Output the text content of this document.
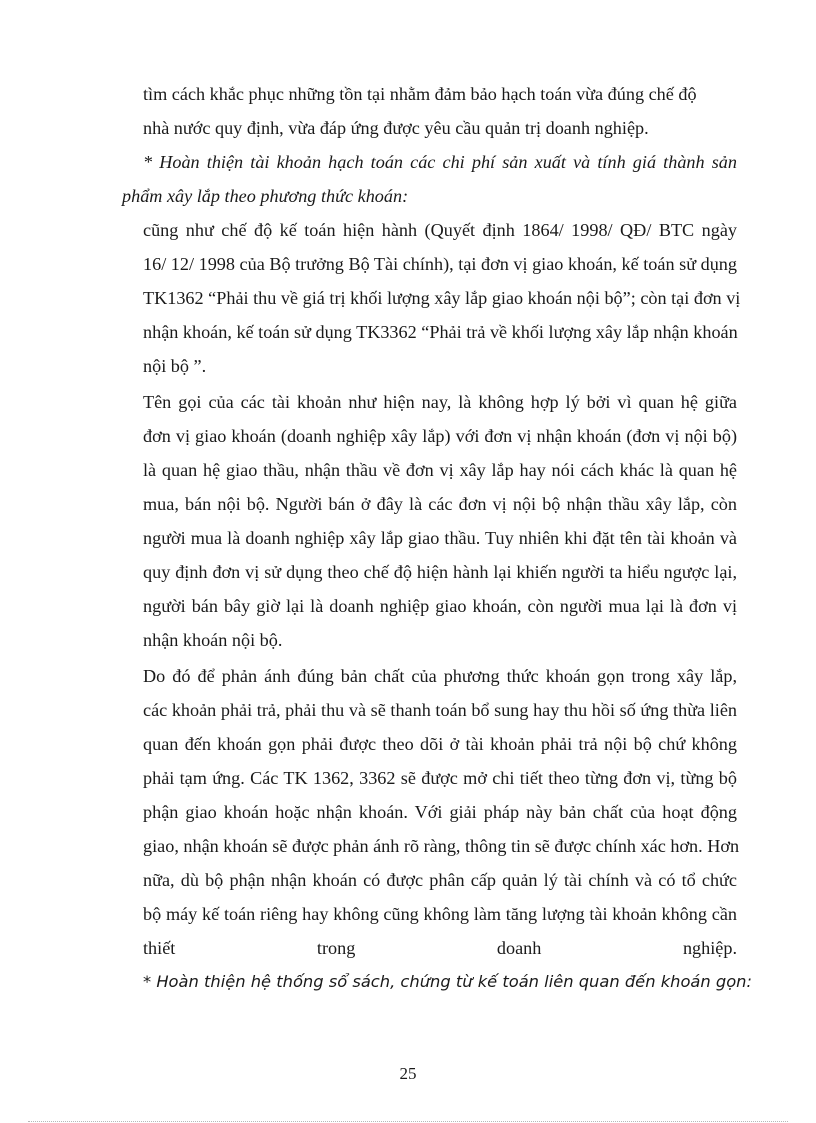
tìm cách khắc phục những tồn tại nhằm đảm bảo hạch toán vừa đúng chế độ
nhà nước quy định, vừa đáp ứng được yêu cầu quản trị doanh nghiệp.
* Hoàn thiện tài khoản hạch toán các chi phí sản xuất và tính giá thành sản
phẩm xây lắp theo phương thức khoán:
cũng như chế độ kế toán hiện hành (Quyết định 1864/ 1998/ QĐ/ BTC ngày
16/ 12/ 1998 của Bộ trưởng Bộ Tài chính), tại đơn vị giao khoán, kế toán sử dụng
TK1362 “Phải thu về giá trị khối lượng xây lắp giao khoán nội bộ”; còn tại đơn vị
nhận khoán, kế toán sử dụng TK3362 “Phải trả về khối lượng xây lắp nhận khoán
nội bộ ”.
Tên gọi của các tài khoản như hiện nay, là không hợp lý bởi vì quan hệ giữa
đơn vị giao khoán (doanh nghiệp xây lắp) với đơn vị nhận khoán (đơn vị nội bộ)
là quan hệ giao thầu, nhận thầu về đơn vị xây lắp hay nói cách khác là quan hệ
mua, bán nội bộ. Người bán ở đây là các đơn vị nội bộ nhận thầu xây lắp, còn
người mua là doanh nghiệp xây lắp giao thầu. Tuy nhiên khi đặt tên tài khoản và
quy định đơn vị sử dụng theo chế độ hiện hành lại khiến người ta hiểu ngược lại,
người bán bây giờ lại là doanh nghiệp giao khoán, còn người mua lại là đơn vị
nhận khoán nội bộ.
Do đó để phản ánh đúng bản chất của phương thức khoán gọn trong xây lắp,
các khoản phải trả, phải thu và sẽ thanh toán bổ sung hay thu hồi số ứng thừa liên
quan đến khoán gọn phải được theo dõi ở tài khoản phải trả nội bộ chứ không
phải tạm ứng. Các TK 1362, 3362 sẽ được mở chi tiết theo từng đơn vị, từng bộ
phận giao khoán hoặc nhận khoán. Với giải pháp này bản chất của hoạt động
giao, nhận khoán sẽ được phản ánh rõ ràng, thông tin sẽ được chính xác hơn. Hơn
nữa, dù bộ phận nhận khoán có được phân cấp quản lý tài chính và có tổ chức
bộ máy kế toán riêng hay không cũng không làm tăng lượng tài khoản không cần
thiết trong doanh nghiệp.
* Hoàn thiện hệ thống sổ sách, chứng từ kế toán liên quan đến khoán gọn:
25
